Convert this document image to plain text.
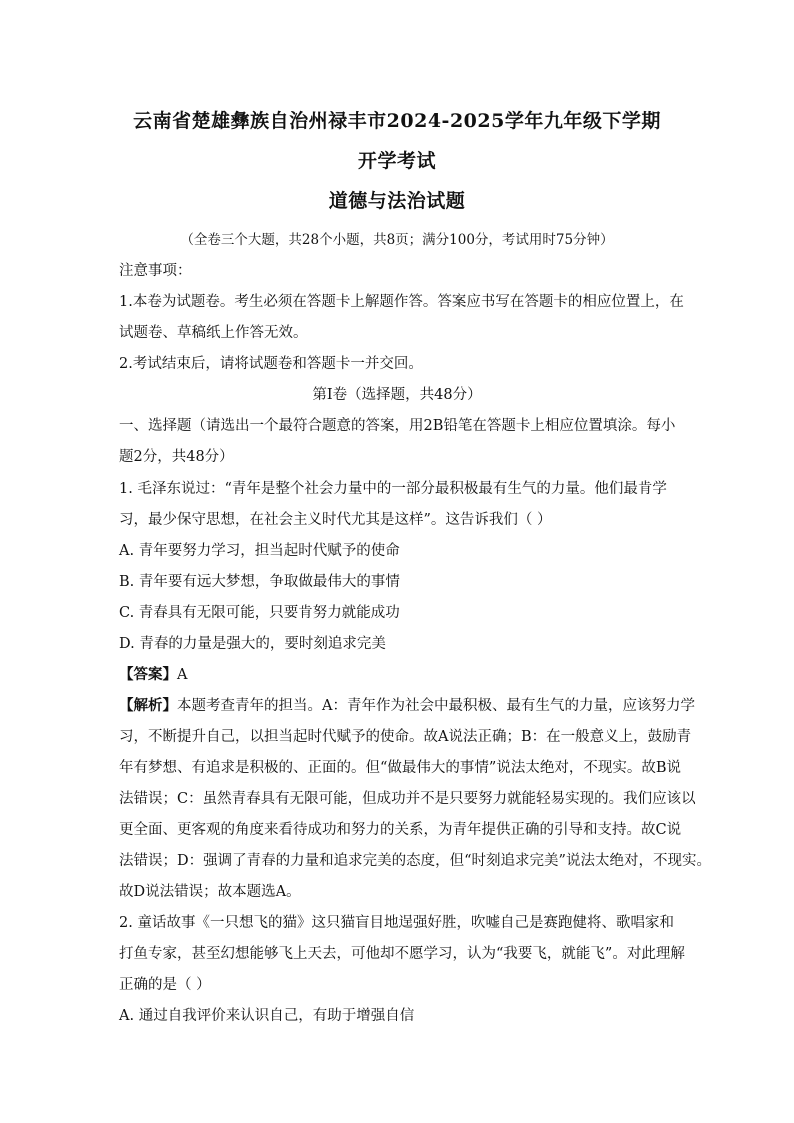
云南省楚雄彝族自治州禄丰市2024-2025学年九年级下学期
开学考试
道德与法治试题
（全卷三个大题，共28个小题，共8页；满分100分，考试用时75分钟）
注意事项：
1.本卷为试题卷。考生必须在答题卡上解题作答。答案应书写在答题卡的相应位置上，在
试题卷、草稿纸上作答无效。
2.考试结束后，请将试题卷和答题卡一并交回。
第Ⅰ卷（选择题，共48分）
一、选择题（请选出一个最符合题意的答案，用2B铅笔在答题卡上相应位置填涂。每小
题2分，共48分）
1. 毛泽东说过：“青年是整个社会力量中的一部分最积极最有生气的力量。他们最肯学
习，最少保守思想，在社会主义时代尤其是这样”。这告诉我们（ ）
A. 青年要努力学习，担当起时代赋予的使命
B. 青年要有远大梦想，争取做最伟大的事情
C. 青春具有无限可能，只要肯努力就能成功
D. 青春的力量是强大的，要时刻追求完美
【答案】A
【解析】本题考查青年的担当。A：青年作为社会中最积极、最有生气的力量，应该努力学
习，不断提升自己，以担当起时代赋予的使命。故A说法正确；B：在一般意义上，鼓励青
年有梦想、有追求是积极的、正面的。但“做最伟大的事情”说法太绝对，不现实。故B说
法错误；C：虽然青春具有无限可能，但成功并不是只要努力就能轻易实现的。我们应该以
更全面、更客观的角度来看待成功和努力的关系，为青年提供正确的引导和支持。故C说
法错误；D：强调了青春的力量和追求完美的态度，但“时刻追求完美”说法太绝对，不现实。
故D说法错误；故本题选A。
2. 童话故事《一只想飞的猫》这只猫盲目地逞强好胜，吹嘘自己是赛跑健将、歌唱家和
打鱼专家，甚至幻想能够飞上天去，可他却不愿学习，认为“我要飞，就能飞”。对此理解
正确的是（ ）
A. 通过自我评价来认识自己，有助于增强自信
